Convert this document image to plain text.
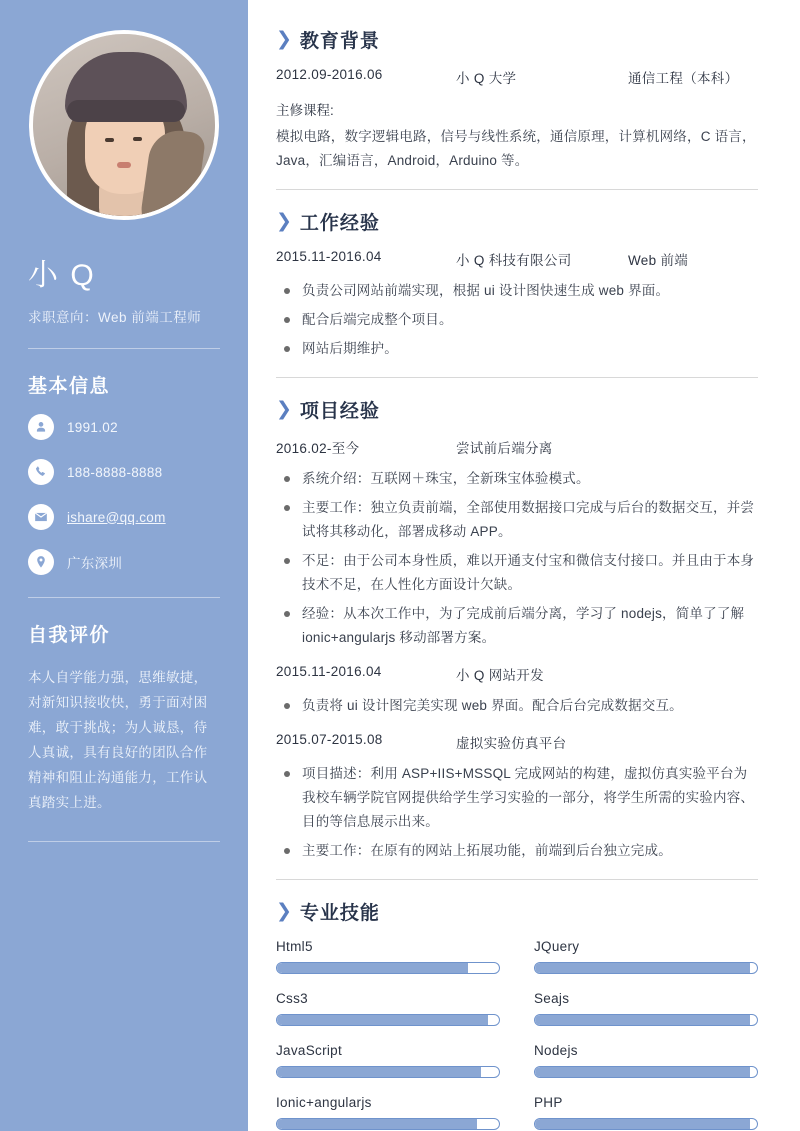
小 Q
求职意向：Web 前端工程师
基本信息
1991.02
188-8888-8888
ishare@qq.com
广东深圳
自我评价
本人自学能力强，思维敏捷，对新知识接收快，勇于面对困难，敢于挑战；为人诚恳，待人真诚，具有良好的团队合作精神和阻止沟通能力，工作认真踏实上进。
❯ 教育背景
2012.09-2016.06	小 Q 大学	通信工程（本科）
主修课程:
模拟电路，数字逻辑电路，信号与线性系统，通信原理，计算机网络，C 语言，Java，汇编语言，Android，Arduino 等。
❯ 工作经验
2015.11-2016.04	小 Q 科技有限公司	Web 前端
负责公司网站前端实现，根据 ui 设计图快速生成 web 界面。
配合后端完成整个项目。
网站后期维护。
❯ 项目经验
2016.02-至今	尝试前后端分离
系统介绍：互联网＋珠宝，全新珠宝体验模式。
主要工作：独立负责前端，全部使用数据接口完成与后台的数据交互，并尝试将其移动化，部署成移动 APP。
不足：由于公司本身性质，难以开通支付宝和微信支付接口。并且由于本身技术不足，在人性化方面设计欠缺。
经验：从本次工作中，为了完成前后端分离，学习了 nodejs，简单了了解 ionic+angularjs 移动部署方案。
2015.11-2016.04	小 Q 网站开发
负责将 ui 设计图完美实现 web 界面。配合后台完成数据交互。
2015.07-2015.08	虚拟实验仿真平台
项目描述：利用 ASP+IIS+MSSQL 完成网站的构建，虚拟仿真实验平台为我校车辆学院官网提供给学生学习实验的一部分，将学生所需的实验内容、目的等信息展示出来。
主要工作：在原有的网站上拓展功能，前端到后台独立完成。
❯ 专业技能
Html5	JQuery
Css3	Seajs
JavaScript	Nodejs
Ionic+angularjs	PHP
